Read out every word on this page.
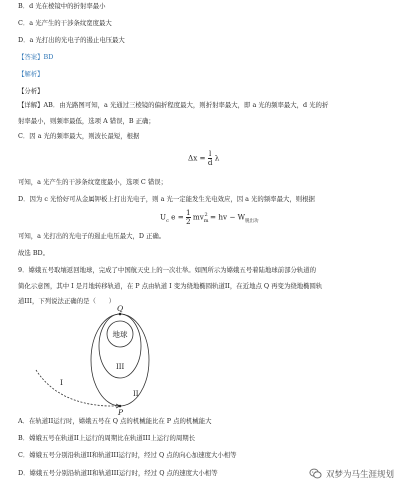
B．d 光在棱镜中的折射率最小
C．a 光产生的干涉条纹宽度最大
D．a 光打出的光电子的遏止电压最大
【答案】BD
【解析】
【分析】
【详解】AB．由光路图可知，a 光通过三棱镜的偏折程度最大，则折射率最大，即 a 光的频率最大，d 光的折
射率最小，则频率最低，选项 A 错误，B 正确；
C．因 a 光的频率最大，则波长最短，根据
$\Delta x = \frac{l}{d}$ λ
可知，a 光产生的干涉条纹宽度最小，选项 C 错误；
D．因为 c 光恰好可从金属钾板上打出光电子，则 a 光一定能发生光电效应，因 a 光的频率最大，则根据
$U_c$ $e = \frac{1}{2} mv_m^2$ = hv − $W_{脱出功}$
可知，a 光打出的光电子的遏止电压最大，D 正确。
故选 BD。
9．嫦娥五号取壤返回地球，完成了中国航天史上的一次壮举。如图所示为嫦娥五号着陆地球前部分轨道的
简化示意图，其中 I 是月地转移轨道，在 P 点由轨道 I 变为绕地椭圆轨道II，在近地点 Q 再变为绕地椭圆轨
道III，下列说法正确的是（　　）
地球
Q
P
I
II
III
A．在轨道II运行时，嫦娥五号在 Q 点的机械能比在 P 点的机械能大
B．嫦娥五号在轨道II上运行的周期比在轨道III上运行的周期长
C．嫦娥五号分别沿轨道II和轨道III运行时，经过 Q 点的向心加速度大小相等
D．嫦娥五号分别沿轨道II和轨道III运行时，经过 Q 点的速度大小相等	双梦为马生涯规划
